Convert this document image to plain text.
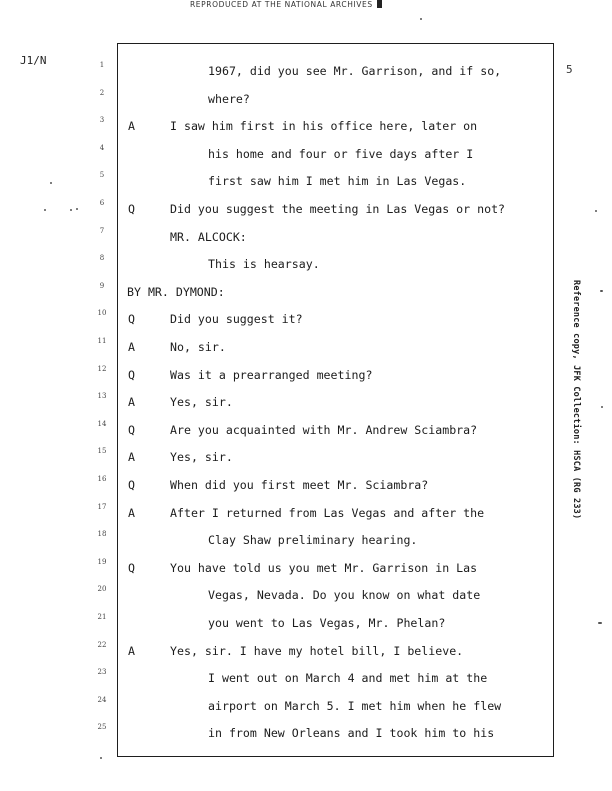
REPRODUCED AT THE NATIONAL ARCHIVES
J1/N
5
Reference copy, JFK Collection: HSCA (RG 233)
1	1967, did you see Mr. Garrison, and if so,
2	where?
3	A	I saw him first in his office here, later on
4	his home and four or five days after I
5	first saw him I met him in Las Vegas.
6	Q	Did you suggest the meeting in Las Vegas or not?
7	MR. ALCOCK:
8	This is hearsay.
9	BY MR. DYMOND:
10	Q	Did you suggest it?
11	A	No, sir.
12	Q	Was it a prearranged meeting?
13	A	Yes, sir.
14	Q	Are you acquainted with Mr. Andrew Sciambra?
15	A	Yes, sir.
16	Q	When did you first meet Mr. Sciambra?
17	A	After I returned from Las Vegas and after the
18	Clay Shaw preliminary hearing.
19	Q	You have told us you met Mr. Garrison in Las
20	Vegas, Nevada. Do you know on what date
21	you went to Las Vegas, Mr. Phelan?
22	A	Yes, sir. I have my hotel bill, I believe.
23	I went out on March 4 and met him at the
24	airport on March 5. I met him when he flew
25	in from New Orleans and I took him to his
